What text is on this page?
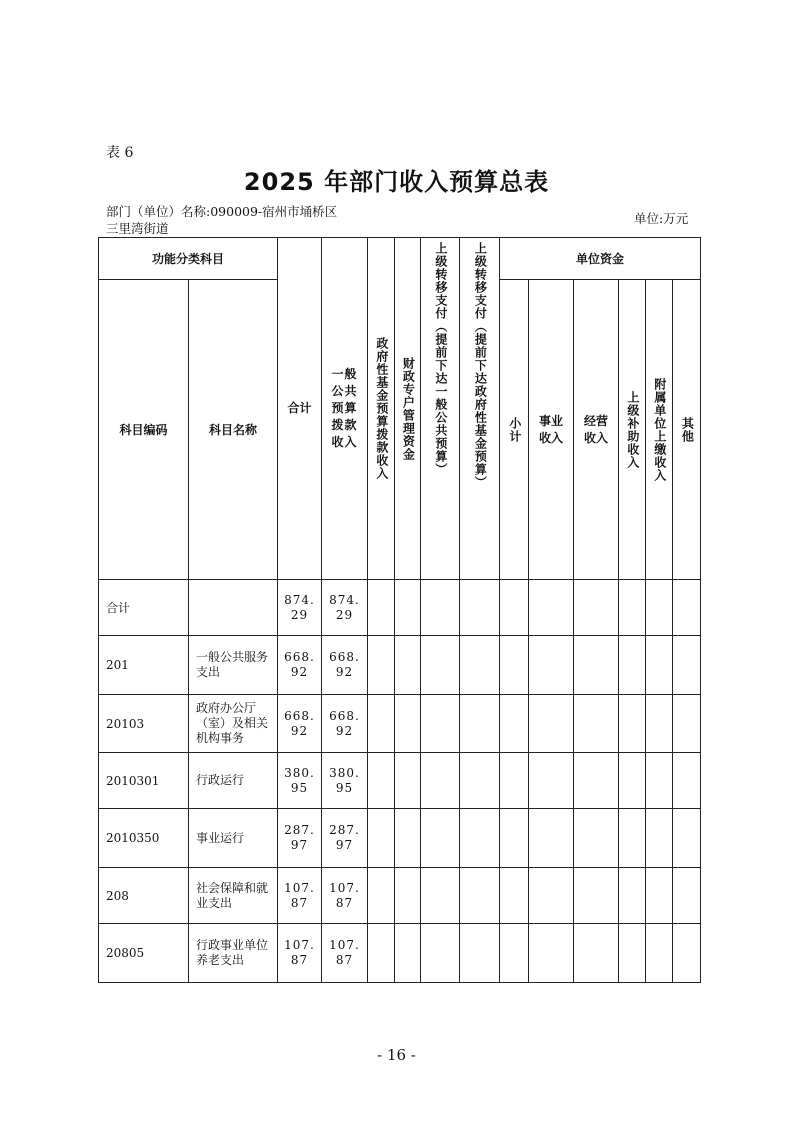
表 6
2025 年部门收入预算总表
部门（单位）名称:090009-宿州市埇桥区三里湾街道
单位:万元
功能分类科目		合计	一般公共预算拨款收入	政府性基金预算拨款收入	财政专户管理资金	上级转移支付（提前下达一般公共预算）	上级转移支付（提前下达政府性基金预算）	单位资金					
科目编码	科目名称							小计	事业收入	经营收入	上级补助收入	附属单位上缴收入	其他

合计		874.29	874.29										
201	一般公共服务支出	668.92	668.92										
20103	政府办公厅（室）及相关机构事务	668.92	668.92										
2010301	行政运行	380.95	380.95										
2010350	事业运行	287.97	287.97										
208	社会保障和就业支出	107.87	107.87										
20805	行政事业单位养老支出	107.87	107.87										
- 16 -
